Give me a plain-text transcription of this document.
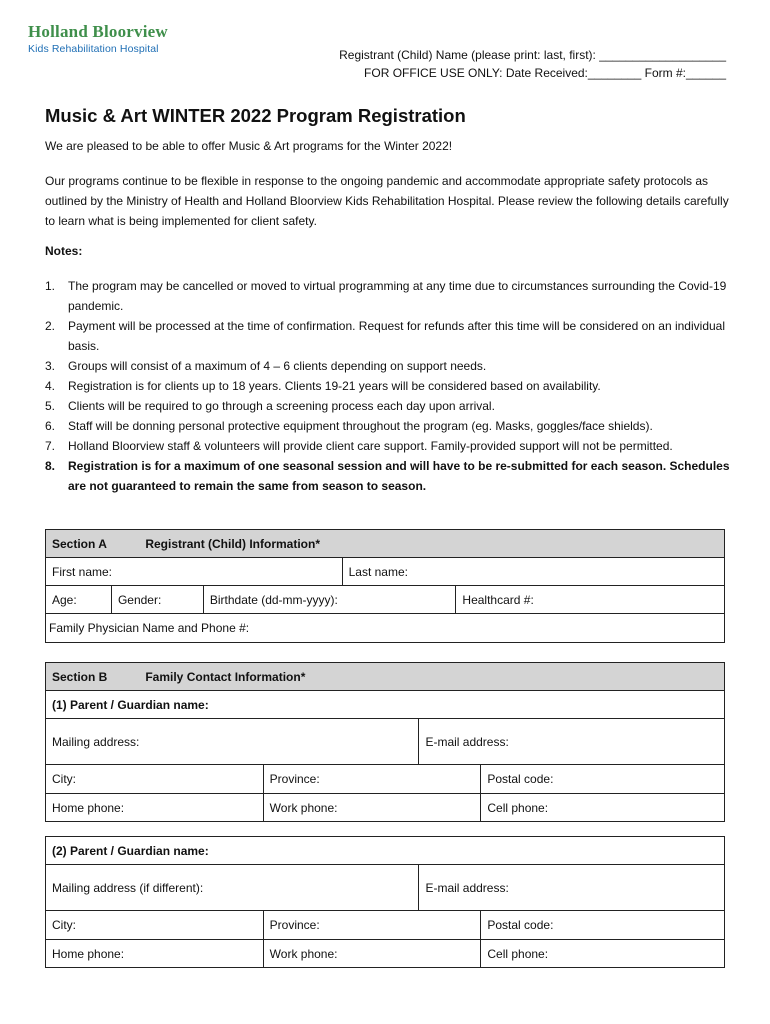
Holland Bloorview
Kids Rehabilitation Hospital	Registrant (Child) Name (please print: last, first): ___________________
FOR OFFICE USE ONLY: Date Received:________ Form #:______
Music & Art WINTER 2022 Program Registration
We are pleased to be able to offer Music & Art programs for the Winter 2022!
Our programs continue to be flexible in response to the ongoing pandemic and accommodate appropriate safety protocols as outlined by the Ministry of Health and Holland Bloorview Kids Rehabilitation Hospital. Please review the following details carefully to learn what is being implemented for client safety.
Notes:
1. The program may be cancelled or moved to virtual programming at any time due to circumstances surrounding the Covid-19 pandemic.
2. Payment will be processed at the time of confirmation. Request for refunds after this time will be considered on an individual basis.
3. Groups will consist of a maximum of 4 – 6 clients depending on support needs.
4. Registration is for clients up to 18 years. Clients 19-21 years will be considered based on availability.
5. Clients will be required to go through a screening process each day upon arrival.
6. Staff will be donning personal protective equipment throughout the program (eg. Masks, goggles/face shields).
7. Holland Bloorview staff & volunteers will provide client care support. Family-provided support will not be permitted.
8. Registration is for a maximum of one seasonal session and will have to be re-submitted for each season. Schedules are not guaranteed to remain the same from season to season.
Section A Registrant (Child) Information*				
First name:			Last name:	
Age:	Gender:	Birthdate (dd-mm-yyyy):		Healthcard #:
Family Physician Name and Phone #:				
Section B Family Contact Information*			
(1) Parent / Guardian name:			
Mailing address:		E-mail address:	
City:	Province:		Postal code:
Home phone:	Work phone:		Cell phone:
(2) Parent / Guardian name:			
Mailing address (if different):		E-mail address:	
City:	Province:		Postal code:
Home phone:	Work phone:		Cell phone:
